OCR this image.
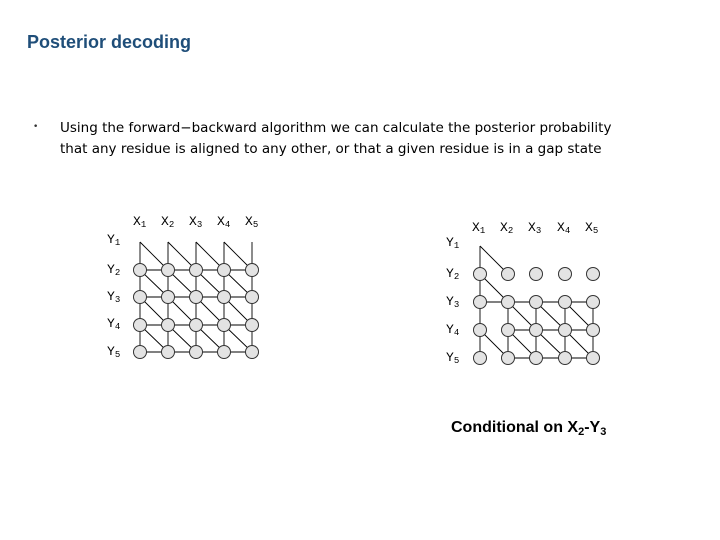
Posterior decoding
• Using the forward−backward algorithm we can calculate the posterior probability
that any residue is aligned to any other, or that a given residue is in a gap state
$X_1$ $X_2$ $X_3$ $X_4$ $X_5$
$Y_1$
$Y_2$
$Y_3$
$Y_4$
$Y_5$
$X_1$ $X_2$ $X_3$ $X_4$ $X_5$
$Y_1$
$Y_2$
$Y_3$
$Y_4$
$Y_5$
Conditional on $X_2-Y_3$
